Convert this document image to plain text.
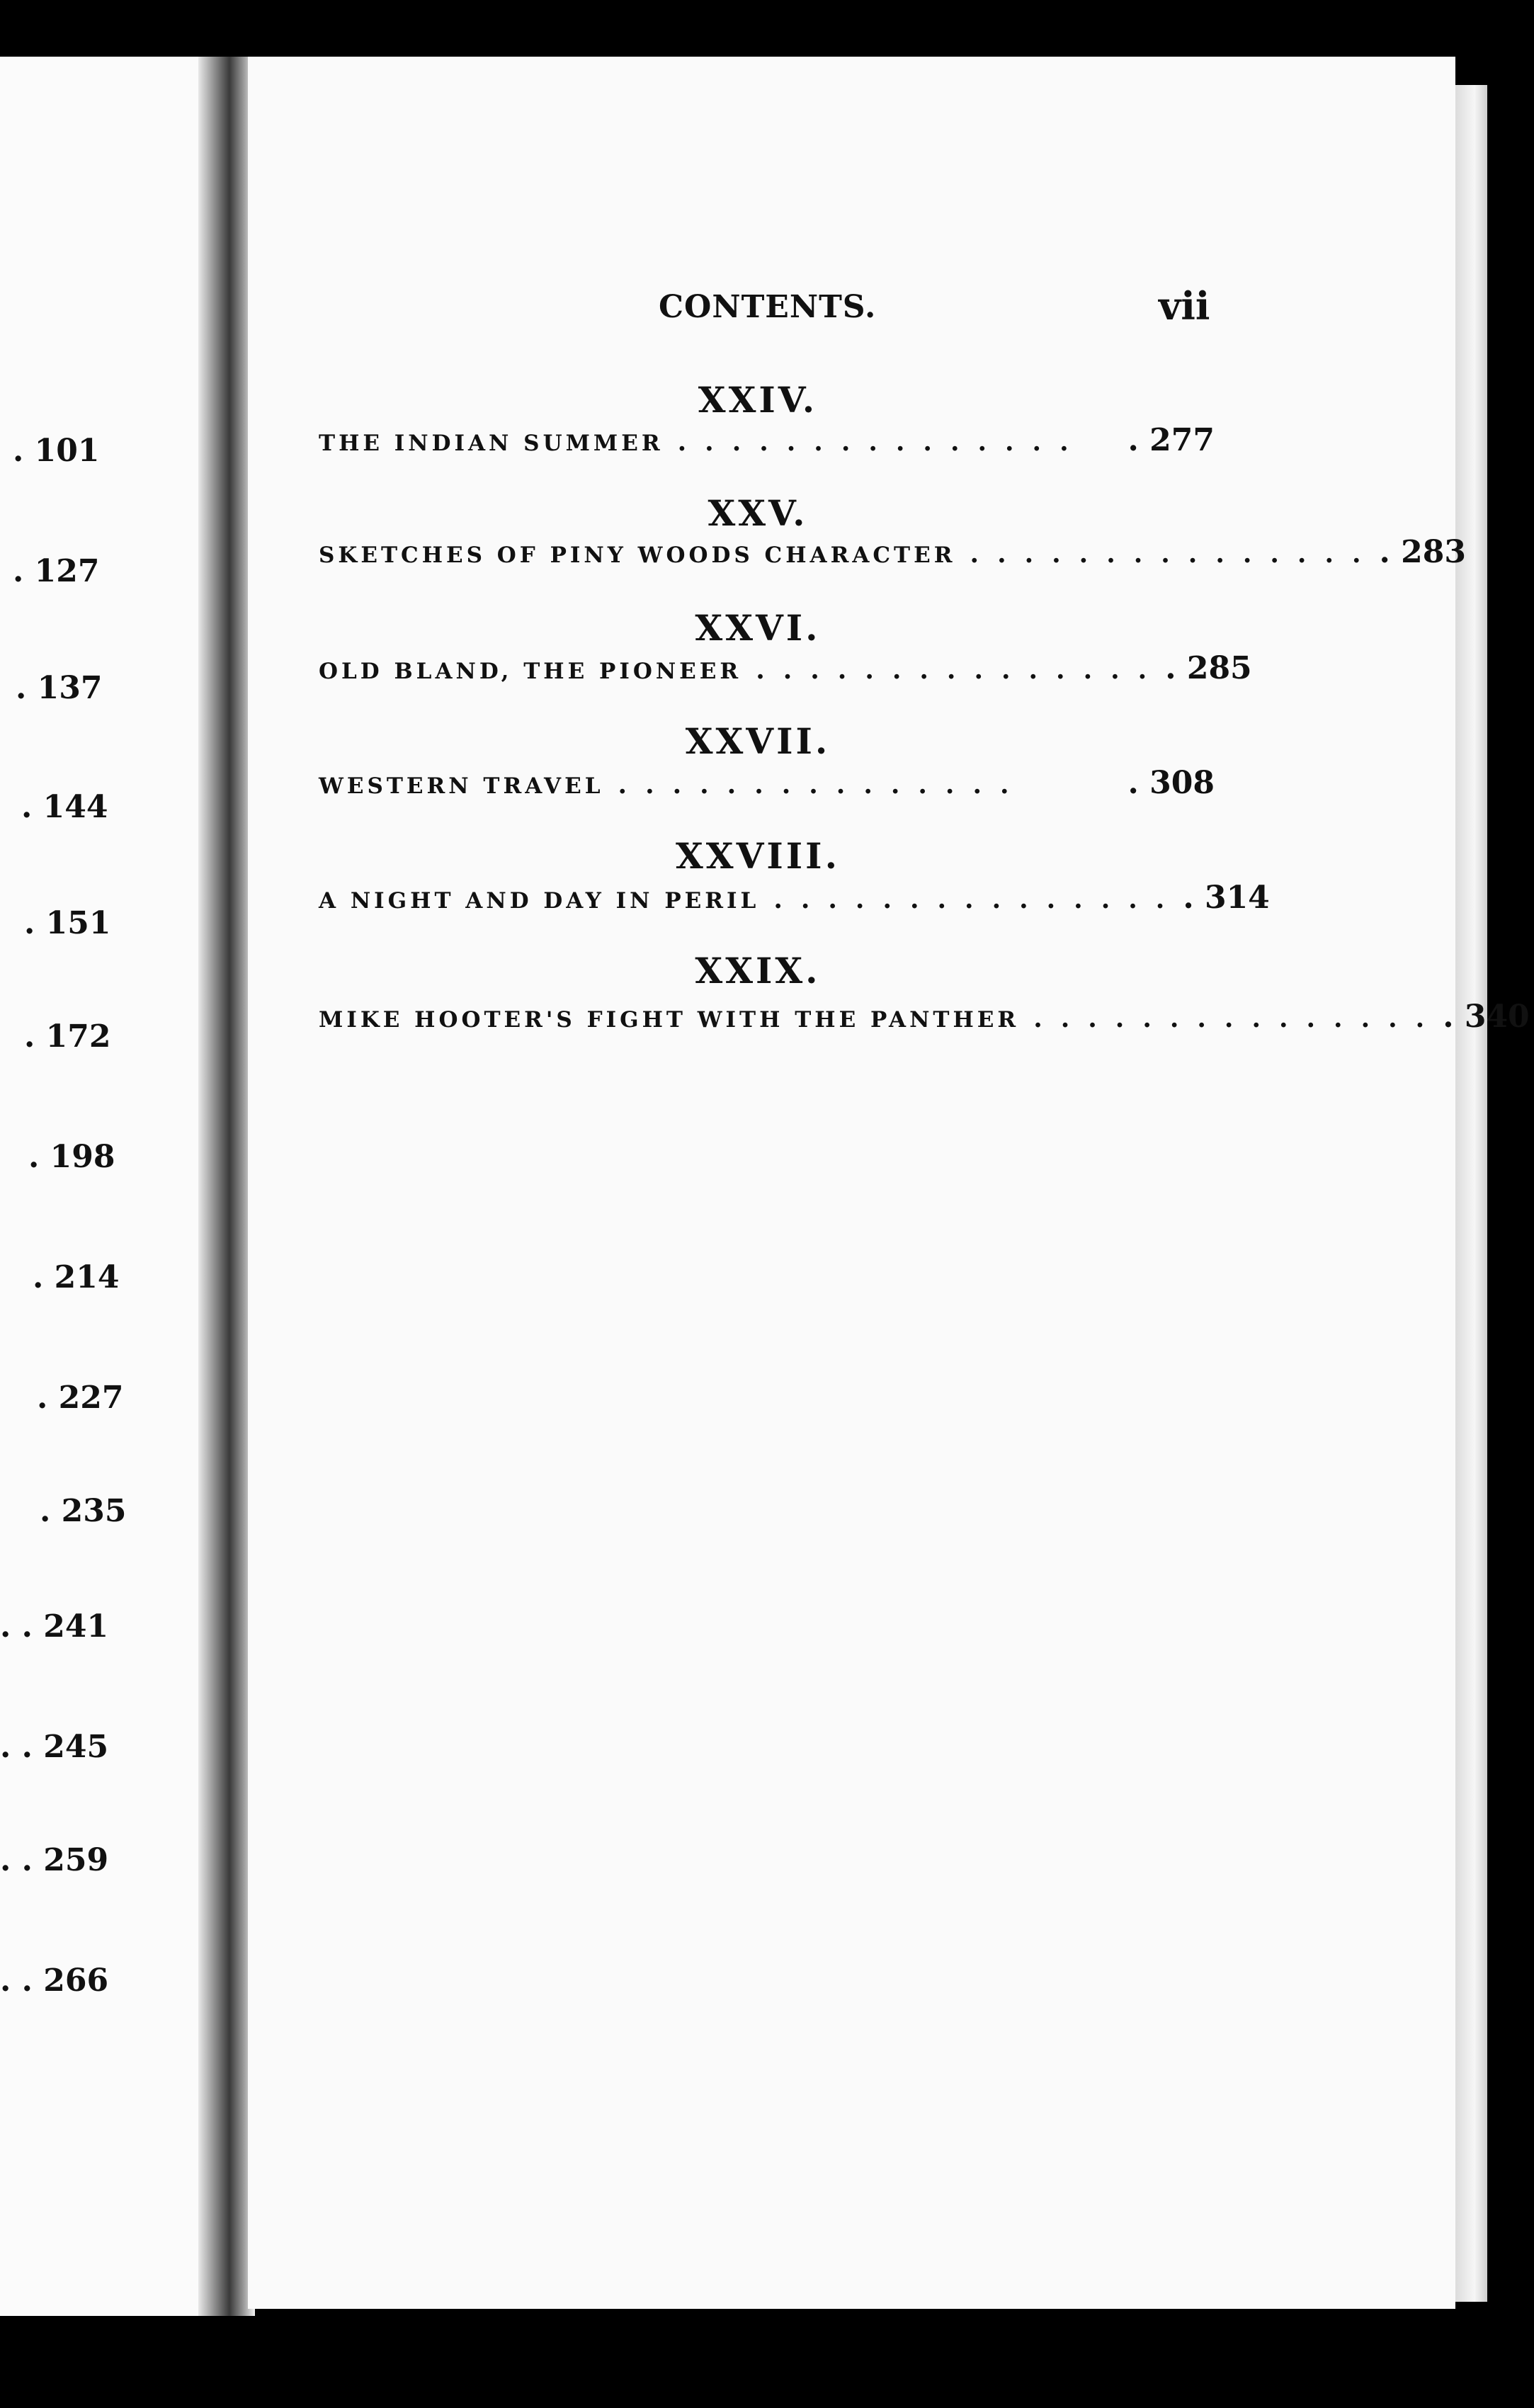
. 101
. 127
. 137
. 144
. 151
. 172
. 198
. 214
. 227
. 235
. . 241
. . 245
. . 259
. . 266
CONTENTS.	vii
XXIV.
THE INDIAN SUMMER ...............	. 277
XXV.
SKETCHES OF PINY WOODS CHARACTER ............... . 283
XXVI.
OLD BLAND, THE PIONEER ............... . 285
XXVII.
WESTERN TRAVEL ...............	. 308
XXVIII.
A NIGHT AND DAY IN PERIL ............... . 314
XXIX.
MIKE HOOTER'S FIGHT WITH THE PANTHER ............... . 340
